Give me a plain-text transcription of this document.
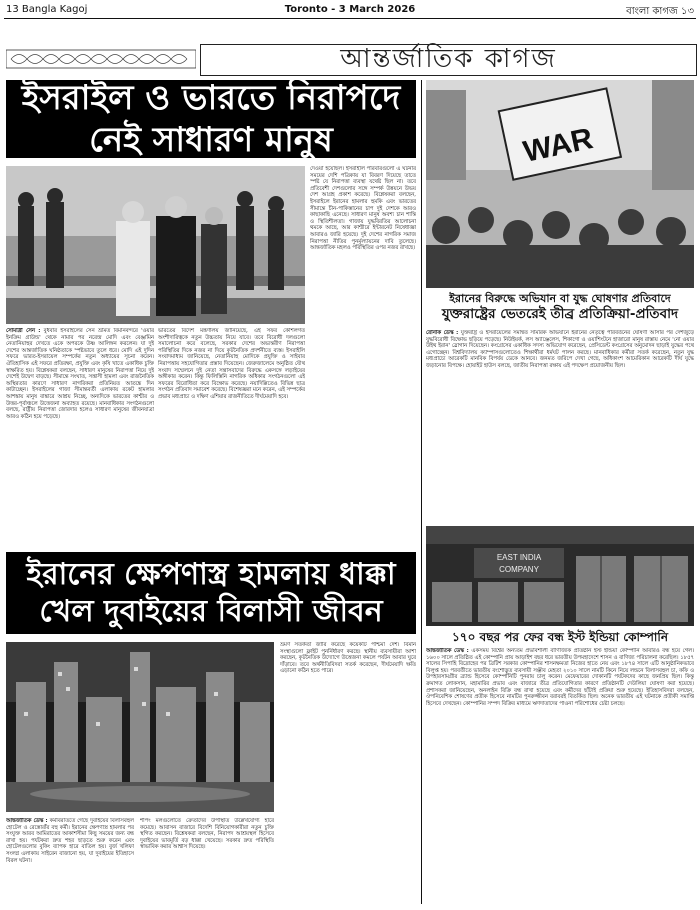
13 Bangla Kagoj	Toronto - 3 March 2026	বাংলা কাগজ ১৩
আন্তর্জাতিক কাগজ
ইসরাইল ও ভারতে নিরাপদে
নেই সাধারণ মানুষ
দেওয়া হয়েছিল। ইসরাইলি পরিবারগুলো এ ঘটনার সময়ের দেশি পত্রিকায় যা বিবরণ দিয়েছে তাতে স্পষ্ট যে নিরাপত্তা ব্যবস্থা যথেষ্ট ছিল না। তবে প্রতিবেশী দেশগুলোর সঙ্গে সম্পর্ক উন্নয়নে উভয় দেশ আগ্রহ প্রকাশ করেছে। বিশ্লেষকরা বলছেন, ইসরাইলে ইরানের হামলার হুমকি এবং ভারতের সীমান্তে চীন-পাকিস্তানের চাপ দুই দেশকে আরও কাছাকাছি এনেছে। সাধারণ মানুষ অবশ্য চান শান্তি ও স্থিতিশীলতা। গাজায় যুদ্ধবিরতির আলোচনা থমকে আছে, আর কাশ্মীরে ইন্টারনেট নিষেধাজ্ঞা আবারও জারি হয়েছে। দুই দেশের নাগরিক সমাজ নিরাপত্তা নীতির পুনর্মূল্যায়নের দাবি তুলেছে। আন্তর্জাতিক মহলও পরিস্থিতির ওপর নজর রাখছে।
সোমাদ্রী সেন : বুধবার ইসরাইলের সেন ভ্রমিত বিমানবন্দরে 'ওয়ার ইনক্রিম গ্রাউন্ড' থেকে নামার পর নরেন্দ্র মোদি এবং বেঞ্জামিন নেতানিয়াহুর দেখতে একে অপরকে উষ্ণ আলিঙ্গন করলেন। যা দুই দেশের আন্তর্জাতিক ঘনিষ্ঠতাকে স্পষ্টভাবে তুলে ধরে। মোদি এই দুদিন সফরে ভারত-ইসরায়েল সম্পর্কের নতুন অধ্যায়ের সূচনা করেন। ঐতিহাসিক এই সফরে প্রতিরক্ষা, প্রযুক্তি এবং কৃষি খাতে একাধিক চুক্তি স্বাক্ষরিত হয়। বিশ্লেষকরা বলছেন, সাধারণ মানুষের নিরাপত্তা নিয়ে দুই দেশেই উদ্বেগ বাড়ছে। সীমান্তে সংঘাত, সন্ত্রাসী হামলা এবং রাজনৈতিক অস্থিরতার কারণে সাধারণ নাগরিকরা প্রতিনিয়ত আতঙ্কে দিন কাটাচ্ছেন। ইসরাইলের গাজা সীমান্তবর্তী এলাকায় রকেট হামলার আশঙ্কায় মানুষ বাঙ্কারে আশ্রয় নিচ্ছে, অন্যদিকে ভারতের কাশ্মীর ও উত্তর-পূর্বাঞ্চলে উত্তেজনা অব্যাহত রয়েছে। মানবাধিকার সংগঠনগুলো বলছে, রাষ্ট্রীয় নিরাপত্তা জোরদার হলেও সাধারণ মানুষের জীবনযাত্রা আরও কঠিন হয়ে পড়েছে।
ভারতের বিদেশ মন্ত্রণালয় জানিয়েছে, এই সফর কৌশলগত অংশীদারিত্বকে নতুন উচ্চতায় নিয়ে যাবে। তবে বিরোধী দলগুলো সমালোচনা করে বলেছে, সরকার দেশের অভ্যন্তরীণ নিরাপত্তা পরিস্থিতির দিকে নজর না দিয়ে কূটনৈতিক প্রদর্শনীতে ব্যস্ত। ইসরাইলি সংবাদমাধ্যম জানিয়েছে, নেতানিয়াহু মোদিকে প্রযুক্তি ও সাইবার নিরাপত্তায় সহযোগিতার প্রস্তাব দিয়েছেন। জেরুজালেমে অনুষ্ঠিত যৌথ সংবাদ সম্মেলনে দুই নেতা সন্ত্রাসবাদের বিরুদ্ধে একসঙ্গে লড়াইয়ের অঙ্গীকার করেন। কিন্তু ফিলিস্তিনি নাগরিক অধিকার সংগঠনগুলো এই সফরের বিরোধিতা করে বিক্ষোভ করেছে। নয়াদিল্লিতেও বিভিন্ন ছাত্র সংগঠন প্রতিবাদ সমাবেশ করেছে। বিশেষজ্ঞরা মনে করেন, এই সম্পর্কের প্রভাব মধ্যপ্রাচ্য ও দক্ষিণ এশিয়ার রাজনীতিতে দীর্ঘমেয়াদি হবে।
ইরানের ক্ষেপণাস্ত্র হামলায় ধাক্কা
খেল দুবাইয়ের বিলাসী জীবন
ভ্রমণ সতর্কতা জারি করেছে কয়েকটি পশ্চিমা দেশ। বিমান সংস্থাগুলো ফ্লাইট পুনর্নির্ধারণ করছে। স্থানীয় ব্যবসায়ীরা আশা করছেন, কূটনৈতিক উদ্যোগে উত্তেজনা কমলে পর্যটন আবার ঘুরে দাঁড়াবে। তবে অর্থনীতিবিদরা সতর্ক করেছেন, দীর্ঘমেয়াদি ক্ষতি এড়ানো কঠিন হতে পারে।
আন্তর্জাতিক ডেস্ক : কর্মবিরতিতে গেছে দুবাইয়ের বিলাসবহুল হোটেল ও রেস্তোরাঁর বহু কর্মী। ইরানের ক্ষেপণাস্ত্র হামলার পর সংযুক্ত আরব আমিরাতের আকাশসীমা কিছু সময়ের জন্য বন্ধ রাখা হয়। পর্যটকরা দ্রুত শহর ছাড়তে শুরু করেন এবং হোটেলগুলোর বুকিং ব্যাপক হারে বাতিল হয়। বুর্জ খলিফা সংলগ্ন এলাকায় সাইরেন বাজানো হয়, যা দুবাইয়ের ইতিহাসে বিরল ঘটনা।
শপিং মলগুলোতে ক্রেতাদের উপস্থিতি উল্লেখযোগ্য হারে কমেছে। আবাসন বাজারে বিদেশি বিনিয়োগকারীরা নতুন চুক্তি স্থগিত করছেন। বিশ্লেষকরা বলছেন, নিরাপদ আশ্রয়স্থল হিসেবে দুবাইয়ের ভাবমূর্তি বড় ধাক্কা খেয়েছে। সরকার দ্রুত পরিস্থিতি স্বাভাবিক করার আশ্বাস দিয়েছে।
WAR
ইরানের বিরুদ্ধে অভিযান বা যুদ্ধ ঘোষণার প্রতিবাদে
যুক্তরাষ্ট্রের ভেতরেই তীব্র প্রতিক্রিয়া-প্রতিবাদ
রোনাক ডেস্ক : যুক্তরাষ্ট্র ও ইসরায়েলের সমন্বিত সামরিক অভিযানে ইরানের নেতৃত্বে পরিবর্তনের ঘোষণা আসার পর দেশজুড়ে যুদ্ধবিরোধী বিক্ষোভ ছড়িয়ে পড়েছে। নিউইয়র্ক, লস অ্যাঞ্জেলেস, শিকাগো ও ওয়াশিংটনে হাজারো মানুষ রাস্তায় নেমে 'নো ওয়ার উইথ ইরান' স্লোগান দিয়েছেন। কংগ্রেসের একাধিক সদস্য অভিযোগ করেছেন, প্রেসিডেন্ট কংগ্রেসের অনুমোদন ছাড়াই যুদ্ধের পথে এগোচ্ছেন। বিশ্ববিদ্যালয় ক্যাম্পাসগুলোতেও শিক্ষার্থীরা ধর্মঘট পালন করছে। মানবাধিকার কর্মীরা সতর্ক করেছেন, নতুন যুদ্ধ মধ্যপ্রাচ্যে আরেকটি মানবিক বিপর্যয় ডেকে আনবে। জনমত জরিপে দেখা গেছে, অধিকাংশ আমেরিকান আরেকটি দীর্ঘ যুদ্ধে জড়ানোর বিপক্ষে। হোয়াইট হাউস বলছে, জাতীয় নিরাপত্তা রক্ষায় এই পদক্ষেপ প্রয়োজনীয় ছিল।
EAST INDIA
COMPANY
১৭০ বছর পর ফের বন্ধ ইস্ট ইন্ডিয়া কোম্পানি
আন্তর্জাতিক ডেস্ক : একসময় বিশ্বের অন্যতম প্রভাবশালী বাণিজ্যিক প্রতিষ্ঠান ইস্ট ইন্ডিয়া কোম্পানি আবারও বন্ধ হয়ে গেল। ১৬০০ সালে প্রতিষ্ঠিত এই কোম্পানি প্রায় আড়াইশ বছর ধরে ভারতীয় উপমহাদেশে শাসন ও বাণিজ্য পরিচালনা করেছিল। ১৮৫৭ সালের সিপাহি বিদ্রোহের পর ব্রিটিশ সরকার কোম্পানির শাসনক্ষমতা নিজের হাতে নেয় এবং ১৮৭৪ সালে এটি আনুষ্ঠানিকভাবে বিলুপ্ত হয়। পরবর্তীতে ভারতীয় বংশোদ্ভূত ব্যবসায়ী সঞ্জীব মেহতা ২০১০ সালে নামটি কিনে নিয়ে লন্ডনে বিলাসবহুল চা, কফি ও উপহারসামগ্রীর ব্র্যান্ড হিসেবে কোম্পানিটি পুনরায় চালু করেন। মেফেয়ারের দোকানটি পর্যটকদের কাছে জনপ্রিয় ছিল। কিন্তু ক্রমাগত লোকসান, মহামারির প্রভাব এবং বাজারে তীব্র প্রতিযোগিতার কারণে প্রতিষ্ঠানটি দেউলিয়া ঘোষণা করা হয়েছে। প্রশাসকরা জানিয়েছেন, অনলাইন বিক্রি বন্ধ রাখা হয়েছে এবং কর্মীদের ছাঁটাই প্রক্রিয়া শুরু হয়েছে। ইতিহাসবিদরা বলছেন, ঔপনিবেশিক শোষণের প্রতীক হিসেবে নামটির পুনরুজ্জীবন বরাবরই বিতর্কিত ছিল। অনেক ভারতীয় এই ঘটনাকে প্রতীকী সমাপ্তি হিসেবে দেখছেন। কোম্পানির সম্পদ বিক্রির মাধ্যমে ঋণদাতাদের পাওনা পরিশোধের চেষ্টা চলছে।
